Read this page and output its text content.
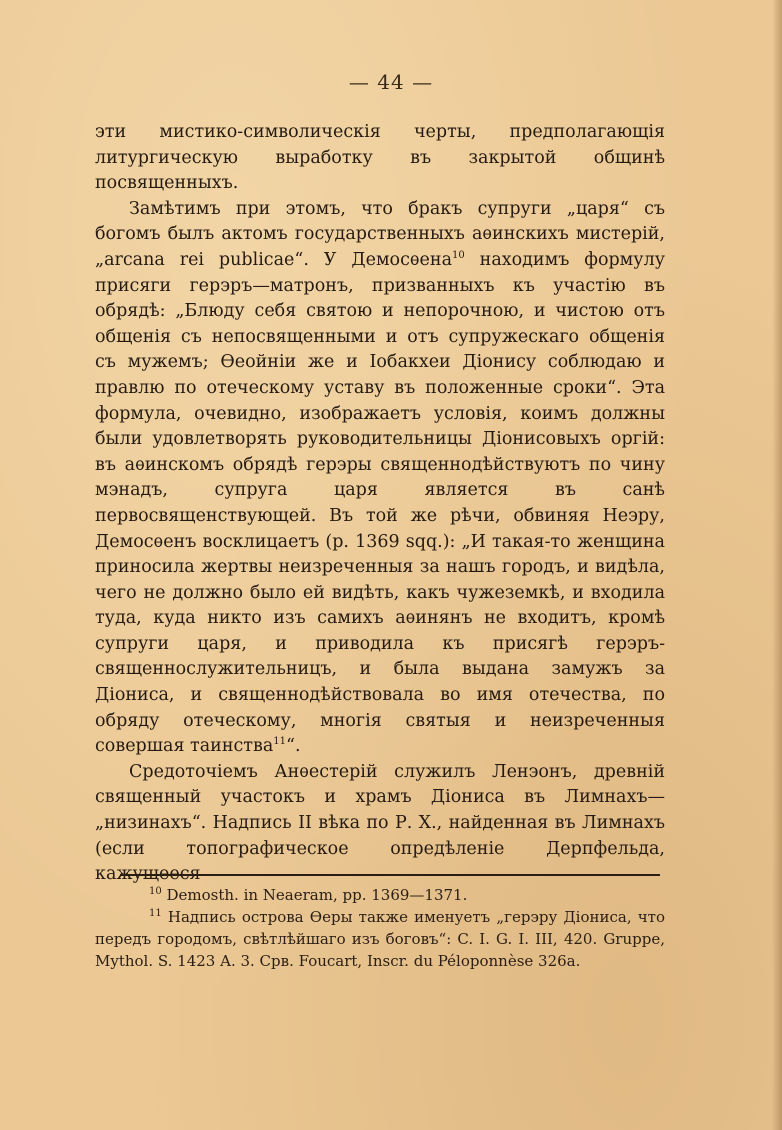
— 44 —

эти мистико-символическія черты, предполагающія литургическую выработку въ закрытой общинѣ посвященныхъ.

Замѣтимъ при этомъ, что бракъ супруги „царя“ съ богомъ былъ актомъ государственныхъ аѳинскихъ мистерій, „arcana rei publicae“. У Демосѳена$^{10}$ находимъ формулу присяги герэръ—матронъ, призванныхъ къ участію въ обрядѣ: „Блюду себя святою и непорочною, и чистою отъ общенія съ непосвященными и отъ супружескаго общенія съ мужемъ; Ѳеойніи же и Іобакхеи Діонису соблюдаю и правлю по отеческому уставу въ положенные сроки“. Эта формула, очевидно, изображаетъ условія, коимъ должны были удовлетворять руководительницы Діонисовыхъ оргій: въ аѳинскомъ обрядѣ герэры священнодѣйствуютъ по чину мэнадъ, супруга царя является въ санѣ первосвященствующей. Въ той же рѣчи, обвиняя Неэру, Демосѳенъ восклицаетъ (р. 1369 sqq.): „И такая-то женщина приносила жертвы неизреченныя за нашъ городъ, и видѣла, чего не должно было ей видѣть, какъ чужеземкѣ, и входила туда, куда никто изъ самихъ аѳинянъ не входитъ, кромѣ супруги царя, и приводила къ присягѣ герэръ-священнослужительницъ, и была выдана замужъ за Діониса, и священнодѣйствовала во имя отечества, по обряду отеческому, многія святыя и неизреченныя совершая таинства$^{11}$“.

Средоточіемъ Анѳестерій служилъ Ленэонъ, древній священный участокъ и храмъ Діониса въ Лимнахъ—„низинахъ“. Надпись II вѣка по Р. Х., найденная въ Лимнахъ (если топографическое опредѣленіе Дерпфельда, кажущееся

$^{10}$ Demosth. in Neaeram, pp. 1369—1371.

$^{11}$ Надпись острова Ѳеры также именуетъ „герэру Діониса, что передъ городомъ, свѣтлѣйшаго изъ боговъ“: C. I. G. I. III, 420. Gruppe, Mythol. S. 1423 A. 3. Срв. Foucart, Inscr. du Péloponnèse 326a.
